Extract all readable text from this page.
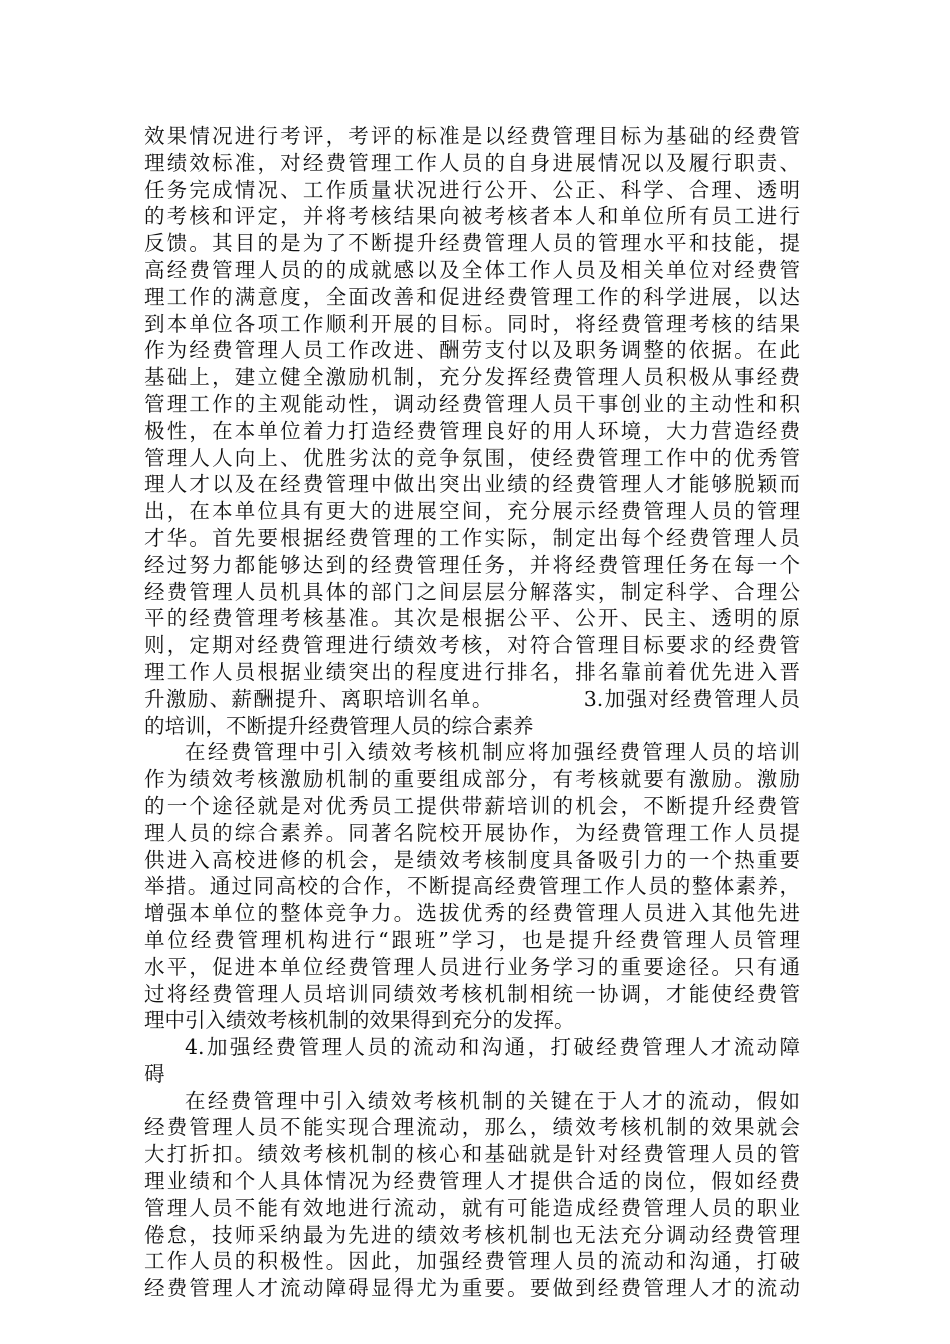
效果情况进行考评，考评的标准是以经费管理目标为基础的经费管
理绩效标准，对经费管理工作人员的自身进展情况以及履行职责、
任务完成情况、工作质量状况进行公开、公正、科学、合理、透明
的考核和评定，并将考核结果向被考核者本人和单位所有员工进行
反馈。其目的是为了不断提升经费管理人员的管理水平和技能，提
高经费管理人员的的成就感以及全体工作人员及相关单位对经费管
理工作的满意度，全面改善和促进经费管理工作的科学进展，以达
到本单位各项工作顺利开展的目标。同时，将经费管理考核的结果
作为经费管理人员工作改进、酬劳支付以及职务调整的依据。在此
基础上，建立健全激励机制，充分发挥经费管理人员积极从事经费
管理工作的主观能动性，调动经费管理人员干事创业的主动性和积
极性，在本单位着力打造经费管理良好的用人环境，大力营造经费
管理人人向上、优胜劣汰的竞争氛围，使经费管理工作中的优秀管
理人才以及在经费管理中做出突出业绩的经费管理人才能够脱颖而
出，在本单位具有更大的进展空间，充分展示经费管理人员的管理
才华。首先要根据经费管理的工作实际，制定出每个经费管理人员
经过努力都能够达到的经费管理任务，并将经费管理任务在每一个
经费管理人员机具体的部门之间层层分解落实，制定科学、合理公
平的经费管理考核基准。其次是根据公平、公开、民主、透明的原
则，定期对经费管理进行绩效考核，对符合管理目标要求的经费管
理工作人员根据业绩突出的程度进行排名，排名靠前着优先进入晋
升激励、薪酬提升、离职培训名单。	3.加强对经费管理人员
的培训，不断提升经费管理人员的综合素养
在经费管理中引入绩效考核机制应将加强经费管理人员的培训
作为绩效考核激励机制的重要组成部分，有考核就要有激励。激励
的一个途径就是对优秀员工提供带薪培训的机会，不断提升经费管
理人员的综合素养。同著名院校开展协作，为经费管理工作人员提
供进入高校进修的机会，是绩效考核制度具备吸引力的一个热重要
举措。通过同高校的合作，不断提高经费管理工作人员的整体素养，
增强本单位的整体竞争力。选拔优秀的经费管理人员进入其他先进
单位经费管理机构进行“跟班”学习，也是提升经费管理人员管理
水平，促进本单位经费管理人员进行业务学习的重要途径。只有通
过将经费管理人员培训同绩效考核机制相统一协调，才能使经费管
理中引入绩效考核机制的效果得到充分的发挥。
4.加强经费管理人员的流动和沟通，打破经费管理人才流动障
碍
在经费管理中引入绩效考核机制的关键在于人才的流动，假如
经费管理人员不能实现合理流动，那么，绩效考核机制的效果就会
大打折扣。绩效考核机制的核心和基础就是针对经费管理人员的管
理业绩和个人具体情况为经费管理人才提供合适的岗位，假如经费
管理人员不能有效地进行流动，就有可能造成经费管理人员的职业
倦怠，技师采纳最为先进的绩效考核机制也无法充分调动经费管理
工作人员的积极性。因此，加强经费管理人员的流动和沟通，打破
经费管理人才流动障碍显得尤为重要。要做到经费管理人才的流动
